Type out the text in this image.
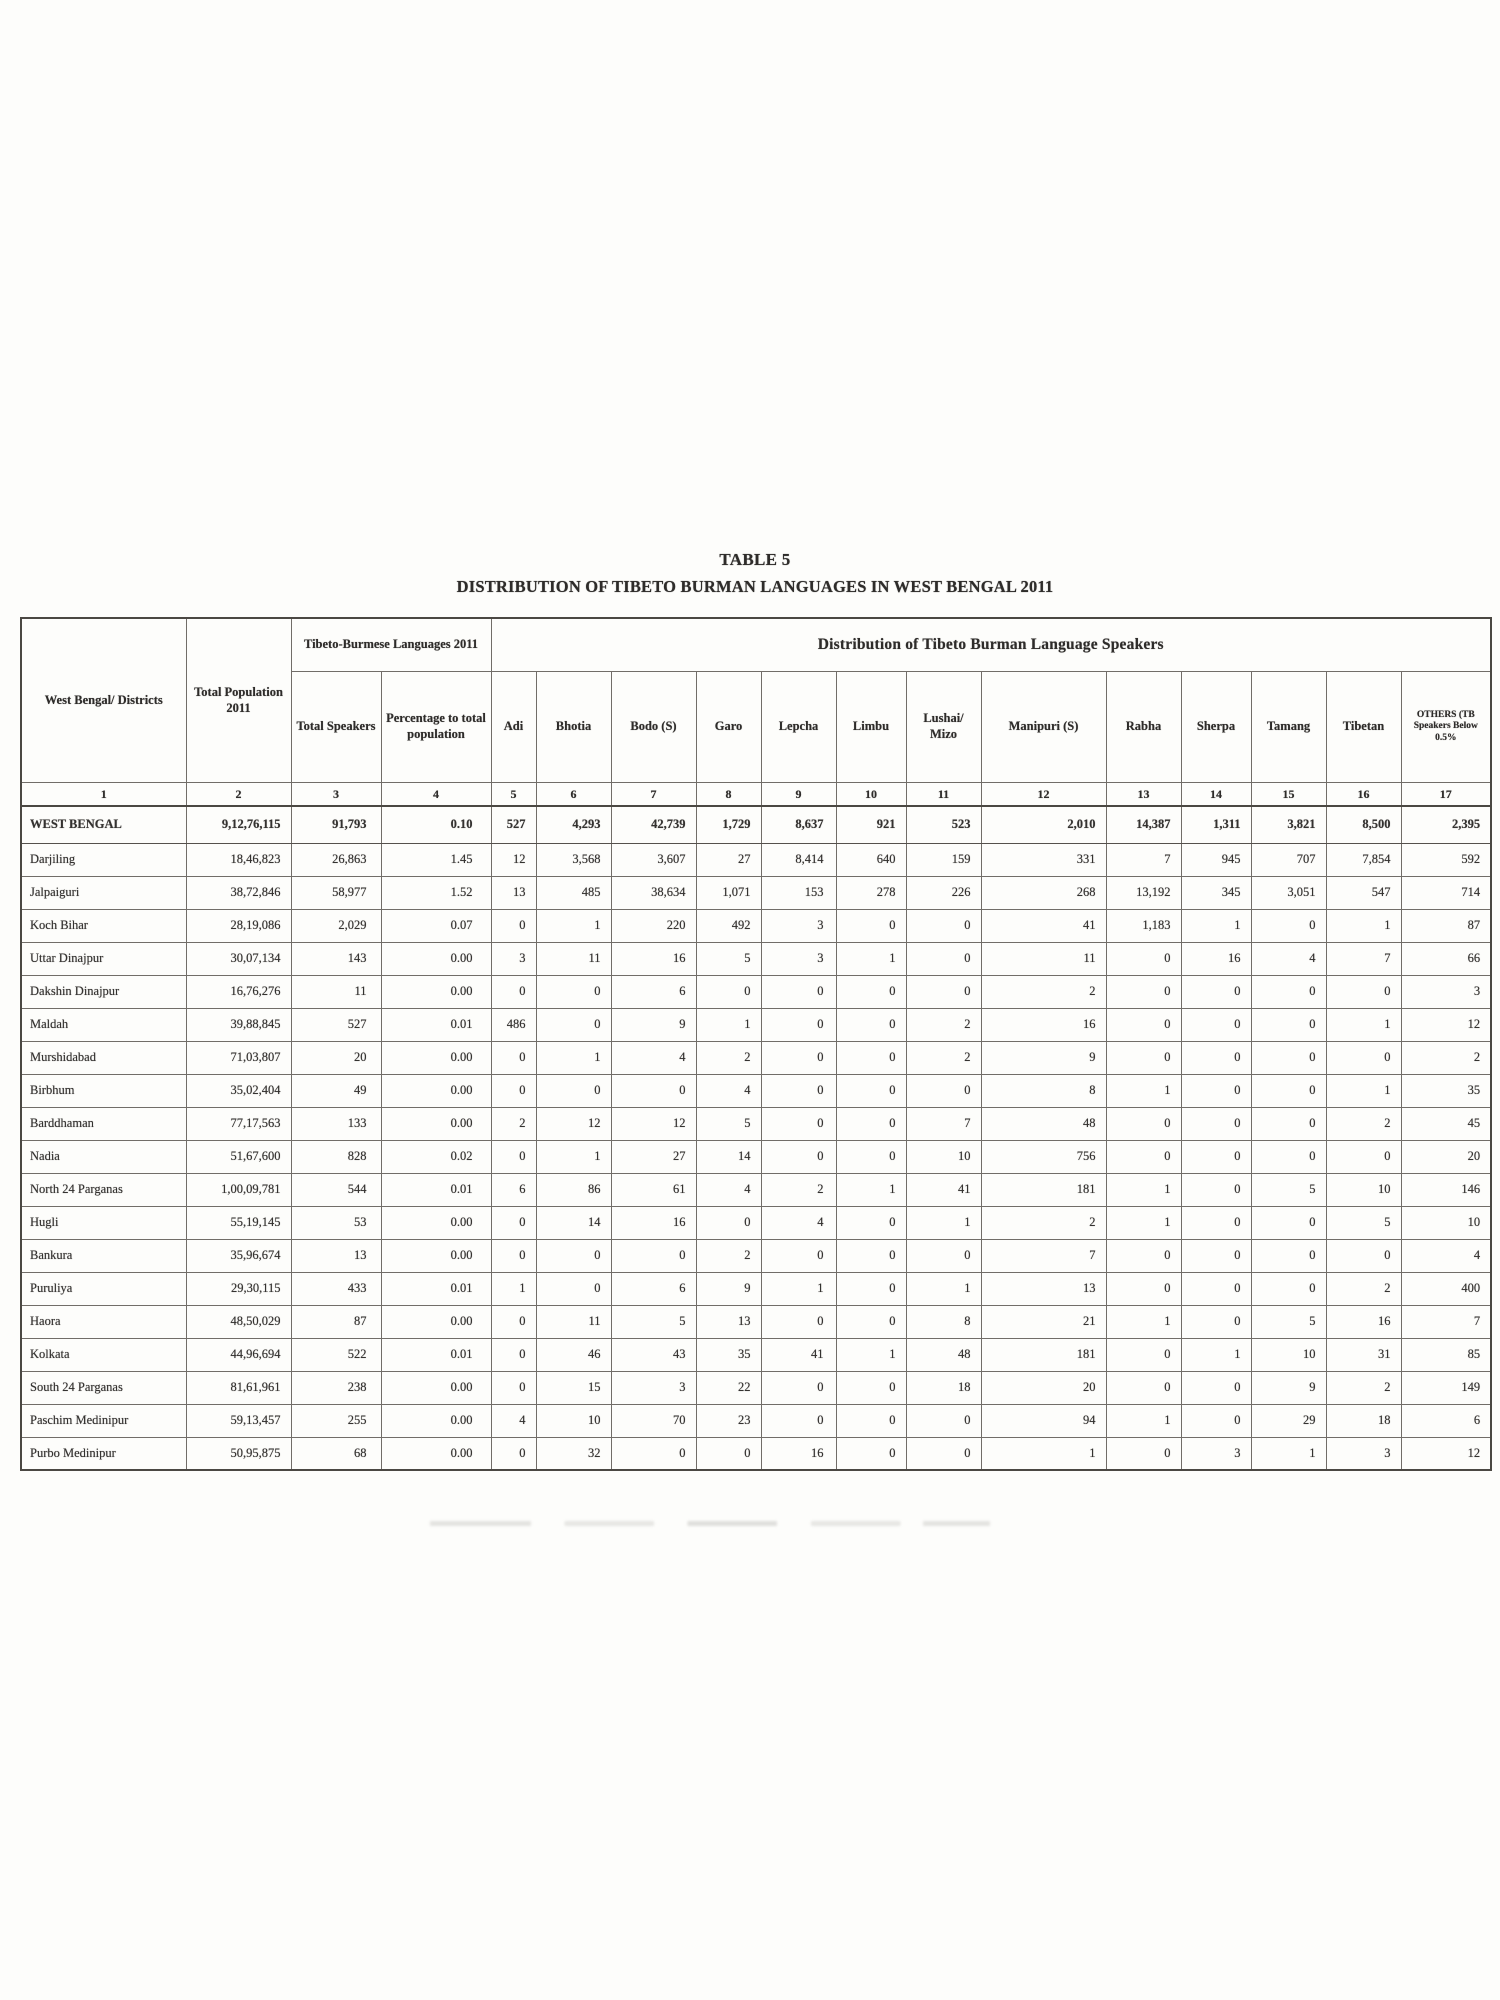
TABLE 5
DISTRIBUTION OF TIBETO BURMAN LANGUAGES IN WEST BENGAL 2011
West Bengal/ Districts	Total Population 2011	Tibeto-Burmese Languages 2011		Distribution of Tibeto Burman Language Speakers												
		Total Speakers	Percentage to total population	Adi	Bhotia	Bodo (S)	Garo	Lepcha	Limbu	Lushai/ Mizo	Manipuri (S)	Rabha	Sherpa	Tamang	Tibetan	OTHERS (TB Speakers Below 0.5%
1	2	3	4	5	6	7	8	9	10	11	12	13	14	15	16	17
WEST BENGAL	9,12,76,115	91,793	0.10	527	4,293	42,739	1,729	8,637	921	523	2,010	14,387	1,311	3,821	8,500	2,395
Darjiling	18,46,823	26,863	1.45	12	3,568	3,607	27	8,414	640	159	331	7	945	707	7,854	592
Jalpaiguri	38,72,846	58,977	1.52	13	485	38,634	1,071	153	278	226	268	13,192	345	3,051	547	714
Koch Bihar	28,19,086	2,029	0.07	0	1	220	492	3	0	0	41	1,183	1	0	1	87
Uttar Dinajpur	30,07,134	143	0.00	3	11	16	5	3	1	0	11	0	16	4	7	66
Dakshin Dinajpur	16,76,276	11	0.00	0	0	6	0	0	0	0	2	0	0	0	0	3
Maldah	39,88,845	527	0.01	486	0	9	1	0	0	2	16	0	0	0	1	12
Murshidabad	71,03,807	20	0.00	0	1	4	2	0	0	2	9	0	0	0	0	2
Birbhum	35,02,404	49	0.00	0	0	0	4	0	0	0	8	1	0	0	1	35
Barddhaman	77,17,563	133	0.00	2	12	12	5	0	0	7	48	0	0	0	2	45
Nadia	51,67,600	828	0.02	0	1	27	14	0	0	10	756	0	0	0	0	20
North 24 Parganas	1,00,09,781	544	0.01	6	86	61	4	2	1	41	181	1	0	5	10	146
Hugli	55,19,145	53	0.00	0	14	16	0	4	0	1	2	1	0	0	5	10
Bankura	35,96,674	13	0.00	0	0	0	2	0	0	0	7	0	0	0	0	4
Puruliya	29,30,115	433	0.01	1	0	6	9	1	0	1	13	0	0	0	2	400
Haora	48,50,029	87	0.00	0	11	5	13	0	0	8	21	1	0	5	16	7
Kolkata	44,96,694	522	0.01	0	46	43	35	41	1	48	181	0	1	10	31	85
South 24 Parganas	81,61,961	238	0.00	0	15	3	22	0	0	18	20	0	0	9	2	149
Paschim Medinipur	59,13,457	255	0.00	4	10	70	23	0	0	0	94	1	0	29	18	6
Purbo Medinipur	50,95,875	68	0.00	0	32	0	0	16	0	0	1	0	3	1	3	12
